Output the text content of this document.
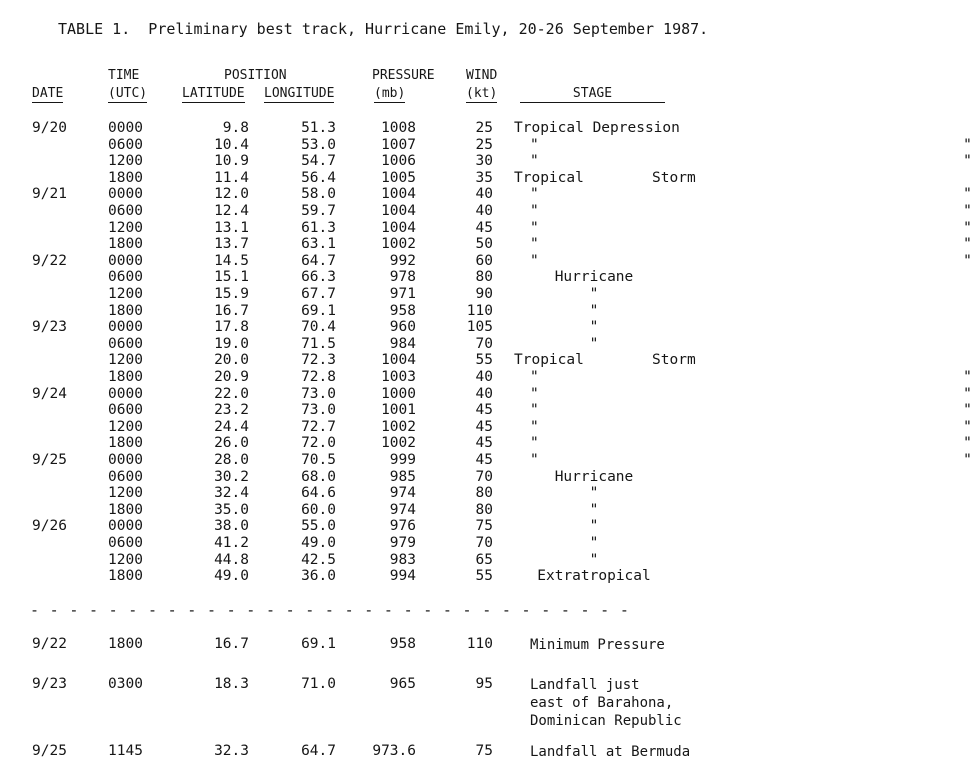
TABLE 1.  Preliminary best track, Hurricane Emily, 20-26 September 1987.
TIME	POSITION	PRESSURE WIND
DATE	(UTC)	LATITUDE LONGITUDE	(mb)	(kt)	STAGE
9/20	0000	9.8	51.3	1008	25 Tropical Depression
0600	10.4	53.0	1007	25	"      "
1200	10.9	54.7	1006	30	"      "
1800	11.4	56.4	1005	35 Tropical   Storm
9/21	0000	12.0	58.0	1004	40	"      "
0600	12.4	59.7	1004	40	"      "
1200	13.1	61.3	1004	45	"      "
1800	13.7	63.1	1002	50	"      "
9/22	0000	14.5	64.7	992	60	"      "
0600	15.1	66.3	978	80	Hurricane
1200	15.9	67.7	971	90	"
1800	16.7	69.1	958	110	"
9/23	0000	17.8	70.4	960	105	"
0600	19.0	71.5	984	70	"
1200	20.0	72.3	1004	55 Tropical   Storm
1800	20.9	72.8	1003	40	"      "
9/24	0000	22.0	73.0	1000	40	"      "
0600	23.2	73.0	1001	45	"      "
1200	24.4	72.7	1002	45	"      "
1800	26.0	72.0	1002	45	"      "
9/25	0000	28.0	70.5	999	45	"      "
0600	30.2	68.0	985	70	Hurricane
1200	32.4	64.6	974	80	"
1800	35.0	60.0	974	80	"
9/26	0000	38.0	55.0	976	75	"
0600	41.2	49.0	979	70	"
1200	44.8	42.5	983	65	"
1800	49.0	36.0	994	55	Extratropical
- - - - - - - - - - - - - - - - - - - - - - - - - - - - - - -
9/22	1800	16.7	69.1	958	110	Minimum Pressure
9/23	0300	18.3	71.0	965	95	Landfall just
east of Barahona,
Dominican Republic
9/25	1145	32.3	64.7	973.6	75	Landfall at Bermuda
